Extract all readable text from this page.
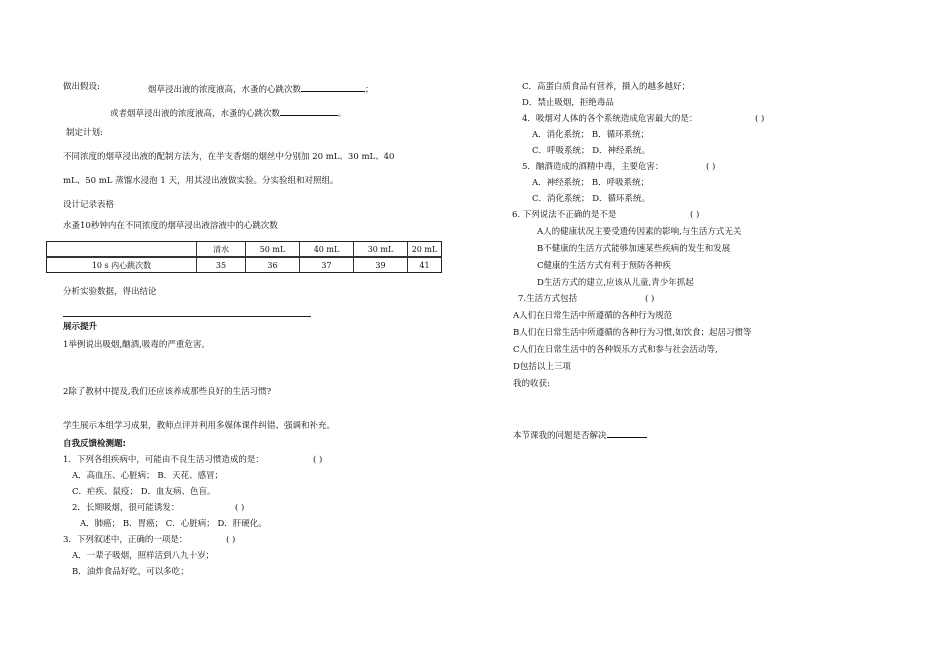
做出假设:	烟草浸出液的浓度液高，水蚤的心跳次数	；
或者烟草浸出液的浓度液高，水蚤的心跳次数	。
制定计划:
不同浓度的烟草浸出液的配制方法为，在半支香烟的烟丝中分别加 20 mL、30 mL、40
mL、50 mL 蒸馏水浸泡 1 天，用其浸出液做实验。分实验组和对照组。
设计记录表格
水蚤10秒钟内在不同浓度的烟草浸出液溶液中的心跳次数
	清水	50 mL	40 mL	30 mL	20 mL
10 s 内心跳次数	35	36	37	39	41
分析实验数据，得出结论
展示提升
1举例说出吸烟,酗酒,吸毒的严重危害。
2除了教材中提及,我们还应该养成那些良好的生活习惯?
学生展示本组学习成果，教师点评并利用多媒体课件纠错、强调和补充。
自我反馈检测题:
1．下列各组疾病中，可能由不良生活习惯造成的是：	( )
A．高血压、心脏病； B．天花、感冒；
C．疟疾、鼠疫； D．血友病、色盲。
2．长期吸烟，很可能诱发：	( )
A．肺癌； B．胃癌； C．心脏病； D．肝硬化。
3．下列叙述中，正确的一项是：	( )
A．一辈子吸烟，照样活到八九十岁；
B．油炸食品好吃，可以多吃；
C．高蛋白质食品有营养，摄入的越多越好；
D．禁止吸烟，拒绝毒品
4．吸烟对人体的各个系统造成危害最大的是：	( )
A．消化系统； B．循环系统；
C．呼吸系统； D．神经系统。
5．酗酒造成的酒精中毒，主要危害：	( )
A．神经系统； B．呼吸系统；
C．消化系统； D．循环系统。
6. 下列说法不正确的是不是	( )
A人的健康状况主要受遗传因素的影响,与生活方式无关
B不健康的生活方式能够加速某些疾病的发生和发展
C健康的生活方式有利于预防各种疾
D生活方式的建立,应该从儿童,青少年抓起
7.生活方式包括	( )
A人们在日常生活中所遵循的各种行为规范
B人们在日常生活中所遵循的各种行为习惯,如饮食；起居习惯等
C人们在日常生活中的各种娱乐方式和参与社会活动等,
D包括以上三项
我的收获:
本节课我的问题是否解决
